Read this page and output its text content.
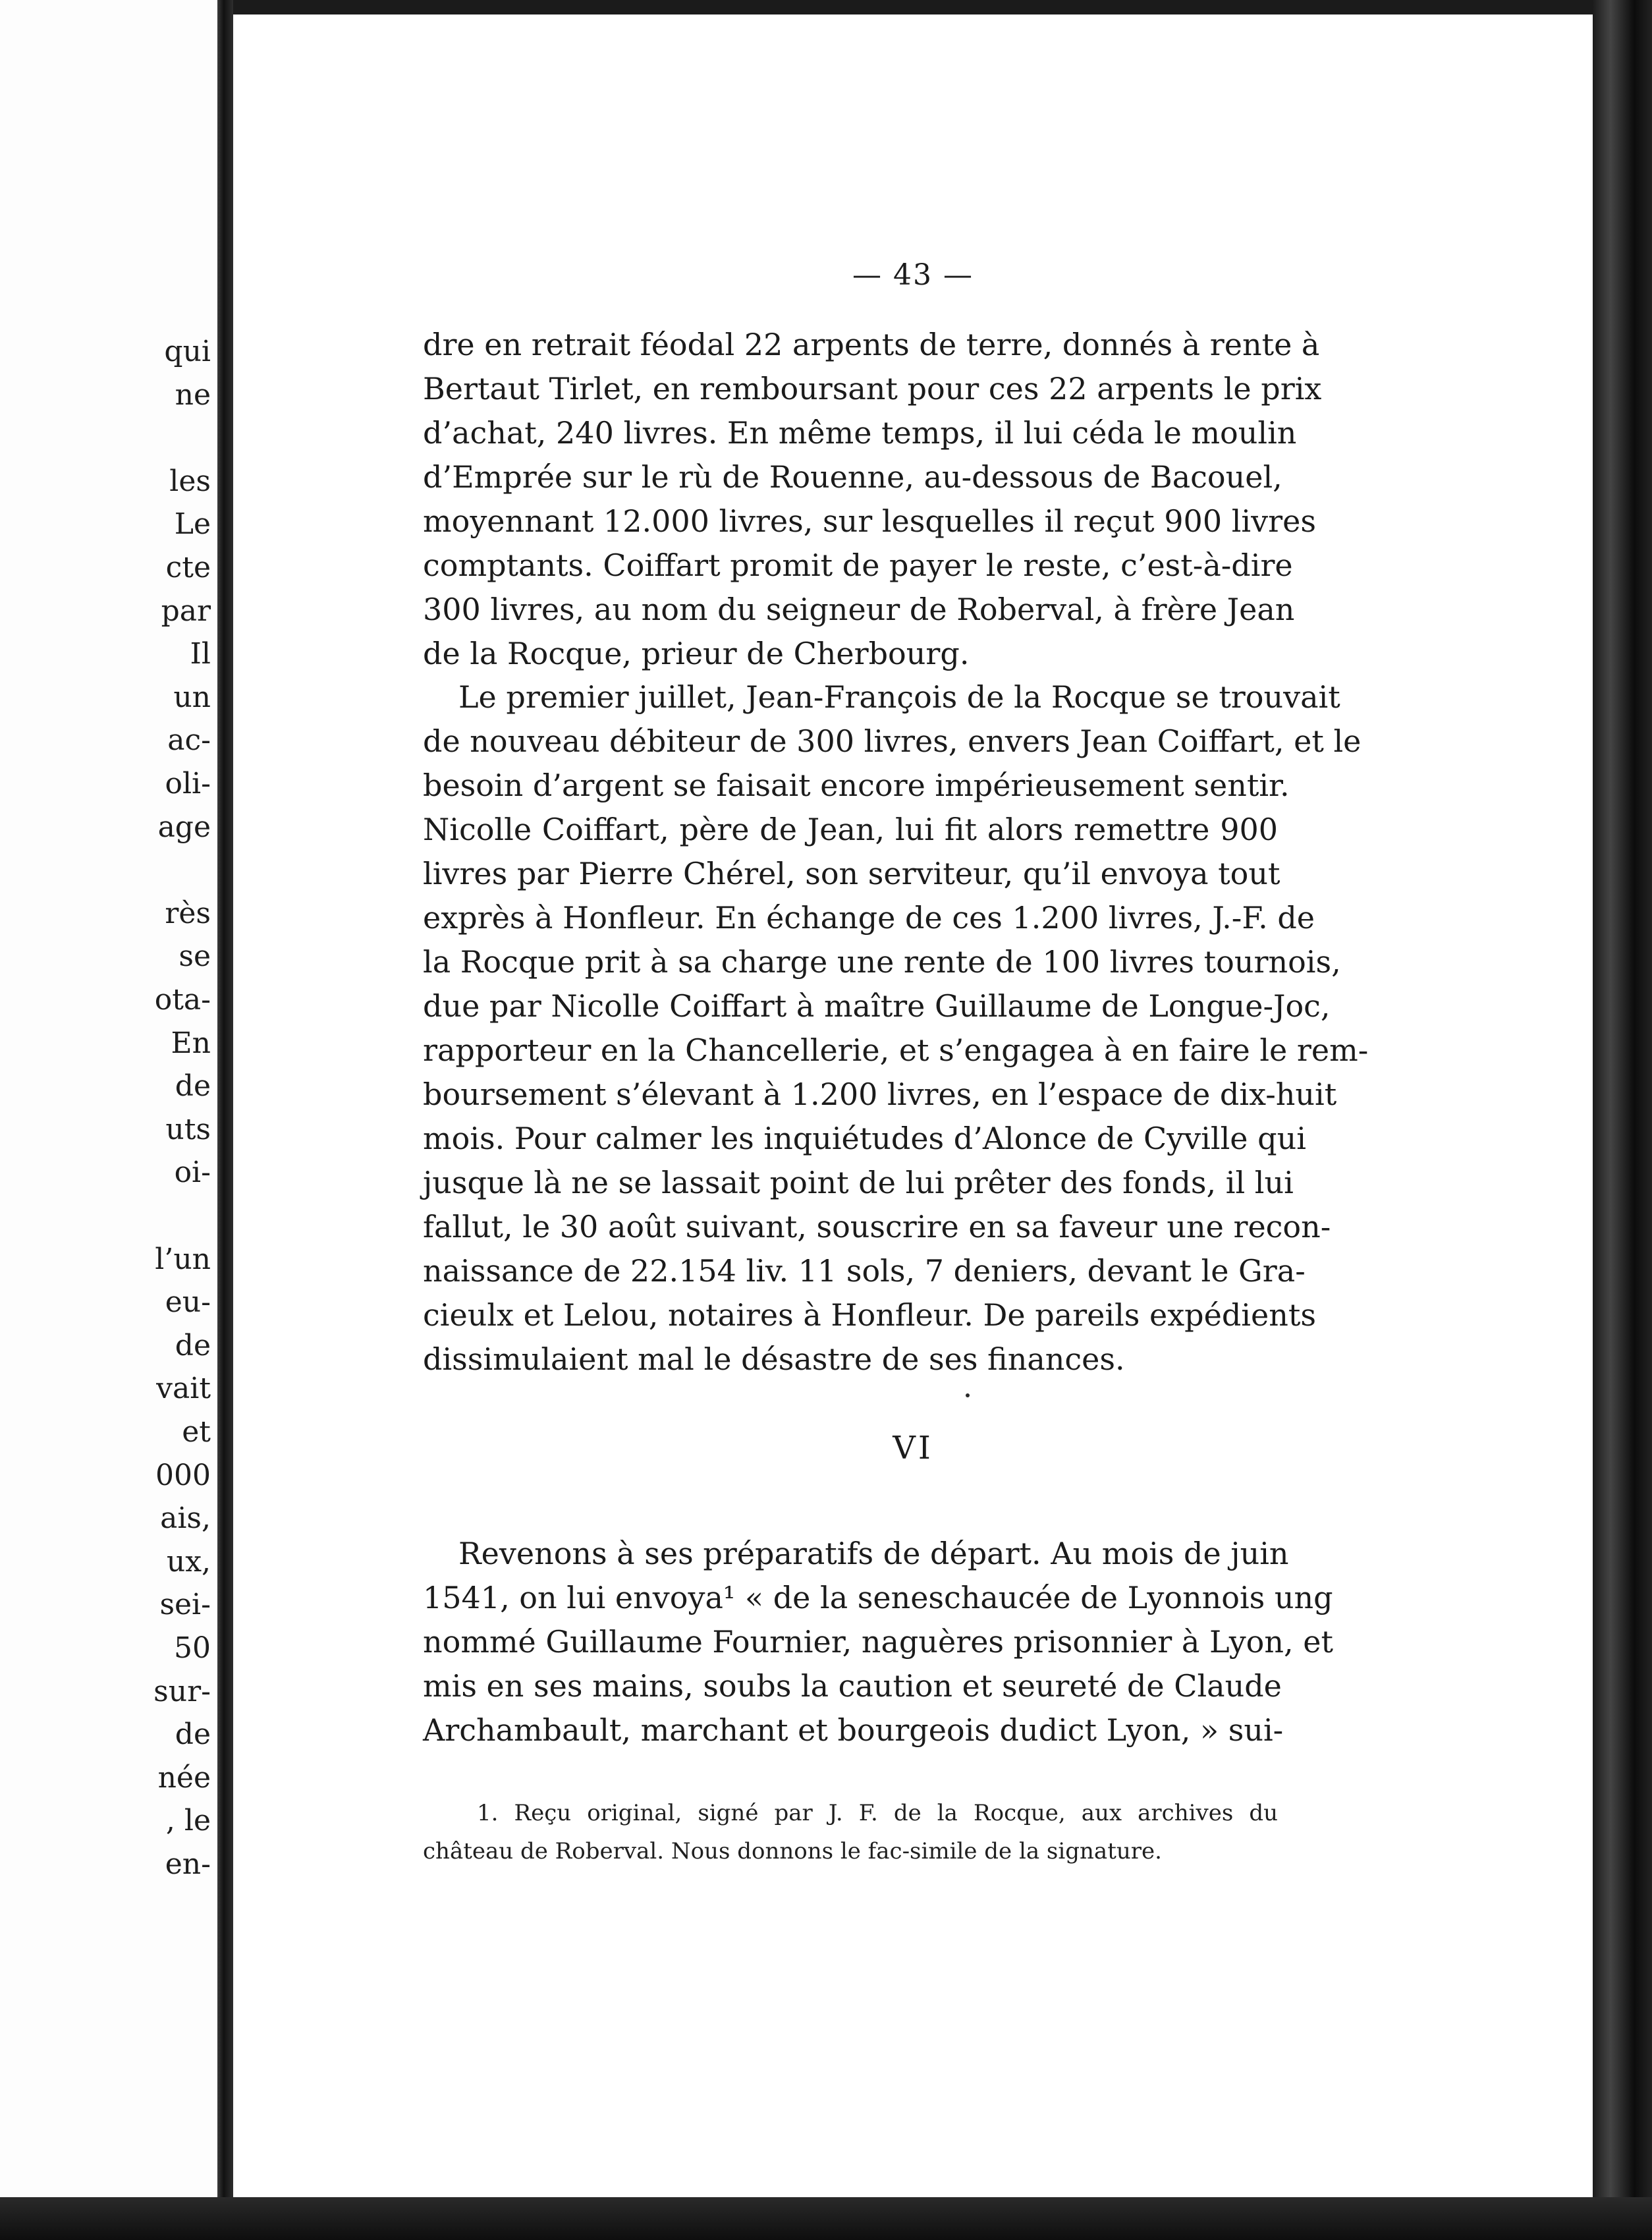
qui
ne
les
Le
cte
par
Il
un
ac-
oli-
age
rès
se
ota-
En
de
uts
oi-
l’un
eu-
de
vait
et
000
ais,
ux,
sei-
50
sur-
de
née
, le
en-
— 43 —
dre en retrait féodal 22 arpents de terre, donnés à rente à
Bertaut Tirlet, en remboursant pour ces 22 arpents le prix
d’achat, 240 livres. En même temps, il lui céda le moulin
d’Emprée sur le rù de Rouenne, au-dessous de Bacouel,
moyennant 12.000 livres, sur lesquelles il reçut 900 livres
comptants. Coiffart promit de payer le reste, c’est-à-dire
300 livres, au nom du seigneur de Roberval, à frère Jean
de la Rocque, prieur de Cherbourg.
Le premier juillet, Jean-François de la Rocque se trouvait
de nouveau débiteur de 300 livres, envers Jean Coiffart, et le
besoin d’argent se faisait encore impérieusement sentir.
Nicolle Coiffart, père de Jean, lui fit alors remettre 900
livres par Pierre Chérel, son serviteur, qu’il envoya tout
exprès à Honfleur. En échange de ces 1.200 livres, J.-F. de
la Rocque prit à sa charge une rente de 100 livres tournois,
due par Nicolle Coiffart à maître Guillaume de Longue-Joc,
rapporteur en la Chancellerie, et s’engagea à en faire le rem-
boursement s’élevant à 1.200 livres, en l’espace de dix-huit
mois. Pour calmer les inquiétudes d’Alonce de Cyville qui
jusque là ne se lassait point de lui prêter des fonds, il lui
fallut, le 30 août suivant, souscrire en sa faveur une recon-
naissance de 22.154 liv. 11 sols, 7 deniers, devant le Gra-
cieulx et Lelou, notaires à Honfleur. De pareils expédients
dissimulaient mal le désastre de ses finances.
VI
Revenons à ses préparatifs de départ. Au mois de juin
1541, on lui envoya¹ « de la seneschaucée de Lyonnois ung
nommé Guillaume Fournier, naguères prisonnier à Lyon, et
mis en ses mains, soubs la caution et seureté de Claude
Archambault, marchant et bourgeois dudict Lyon, » sui-
1. Reçu original, signé par J. F. de la Rocque, aux archives du
château de Roberval. Nous donnons le fac-simile de la signature.
